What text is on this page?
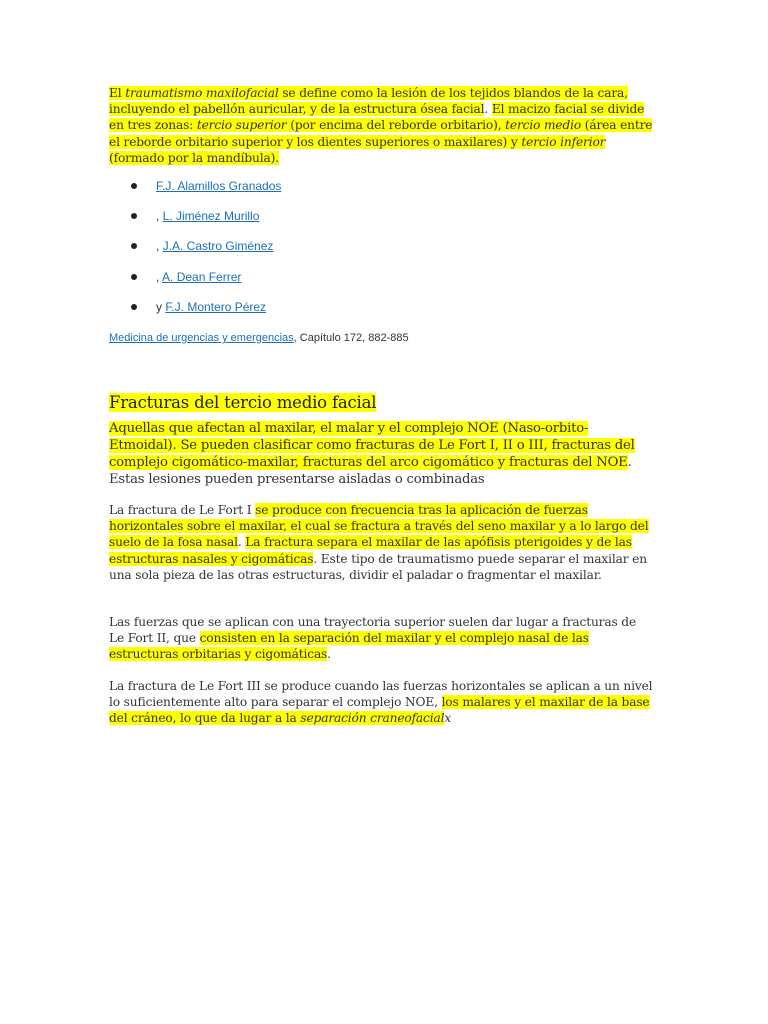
El traumatismo maxilofacial se define como la lesión de los tejidos blandos de la cara, incluyendo el pabellón auricular, y de la estructura ósea facial. El macizo facial se divide en tres zonas: tercio superior (por encima del reborde orbitario), tercio medio (área entre el reborde orbitario superior y los dientes superiores o maxilares) y tercio inferior (formado por la mandíbula).

F.J. Alamillos Granados
, L. Jiménez Murillo
, J.A. Castro Giménez
, A. Dean Ferrer
y F.J. Montero Pérez
Medicina de urgencias y emergencias, Capítulo 172, 882-885
Fracturas del tercio medio facial

Aquellas que afectan al maxilar, el malar y el complejo NOE (Naso-orbito-Etmoidal). Se pueden clasificar como fracturas de Le Fort I, II o III, fracturas del complejo cigomático-maxilar, fracturas del arco cigomático y fracturas del NOE. Estas lesiones pueden presentarse aisladas o combinadas

La fractura de Le Fort I se produce con frecuencia tras la aplicación de fuerzas horizontales sobre el maxilar, el cual se fractura a través del seno maxilar y a lo largo del suelo de la fosa nasal. La fractura separa el maxilar de las apófisis pterigoides y de las estructuras nasales y cigomáticas. Este tipo de traumatismo puede separar el maxilar en una sola pieza de las otras estructuras, dividir el paladar o fragmentar el maxilar.

Las fuerzas que se aplican con una trayectoria superior suelen dar lugar a fracturas de Le Fort II, que consisten en la separación del maxilar y el complejo nasal de las estructuras orbitarias y cigomáticas.

La fractura de Le Fort III se produce cuando las fuerzas horizontales se aplican a un nivel lo suficientemente alto para separar el complejo NOE, los malares y el maxilar de la base del cráneo, lo que da lugar a la separación craneofacialx
